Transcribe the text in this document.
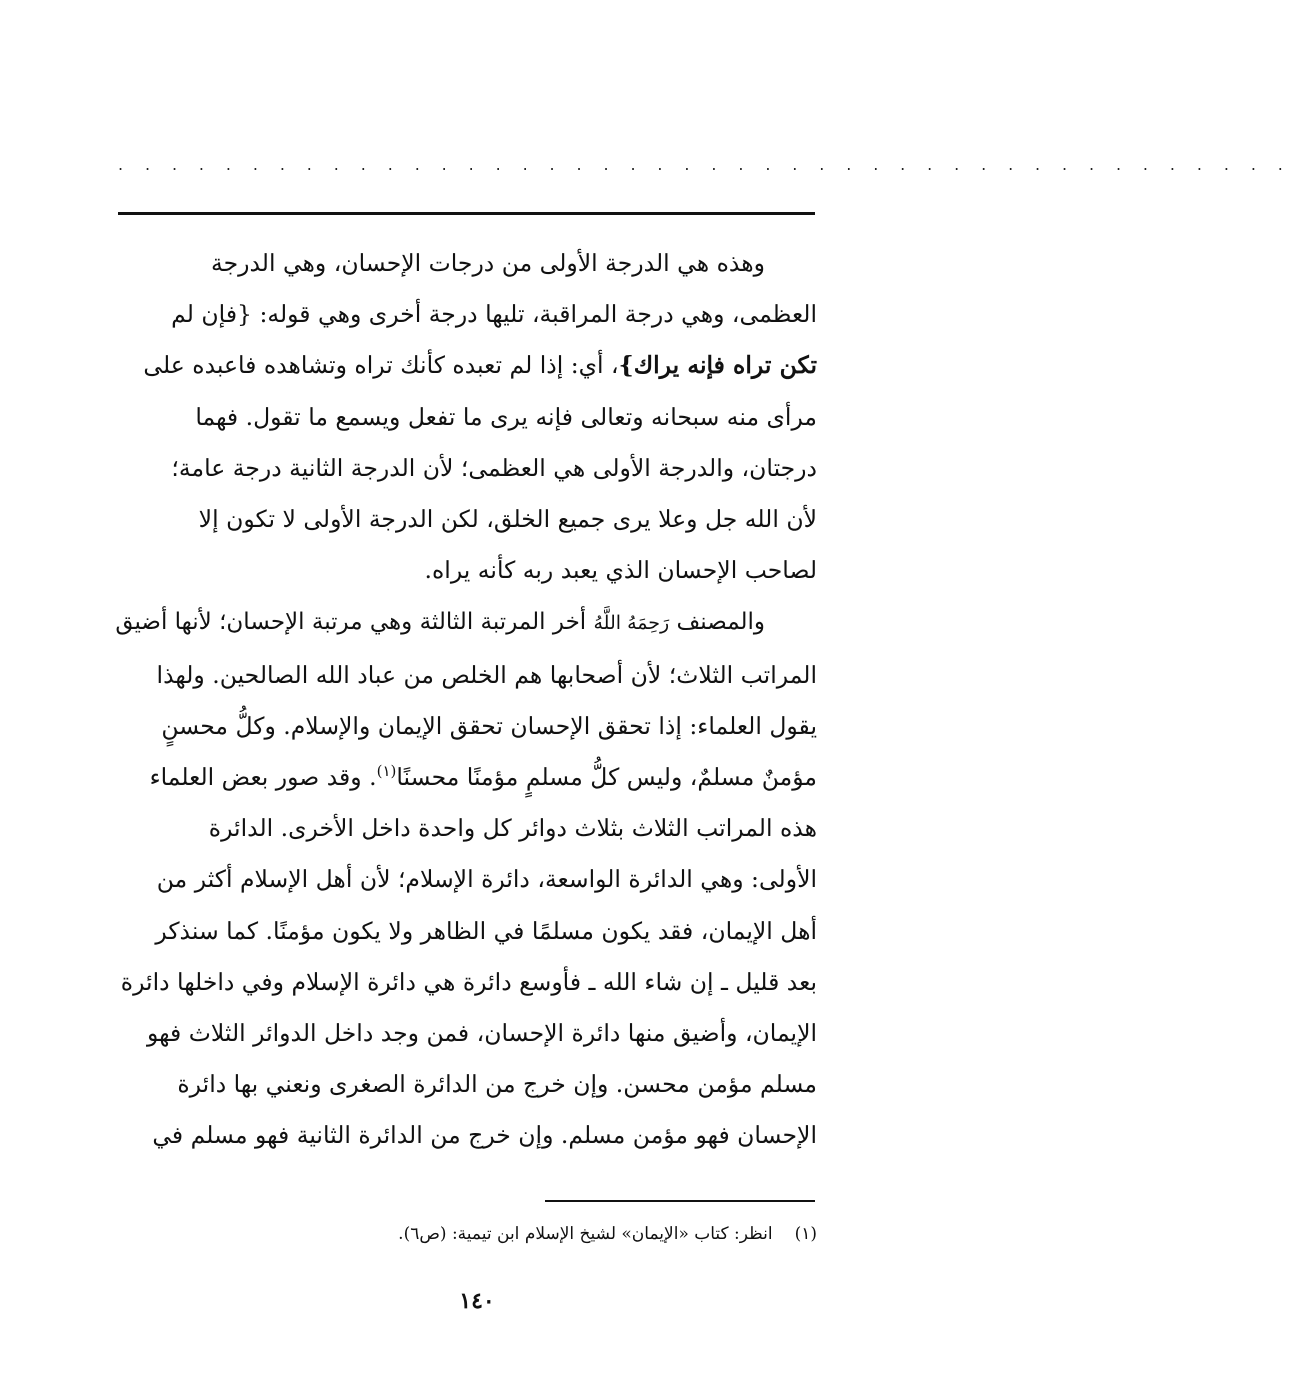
. . . . . . . . . . . . . . . . . . . . . . . . . . . . . . . . . . . . . . . . . . . .

وهذه هي الدرجة الأولى من درجات الإحسان، وهي الدرجة
العظمى، وهي درجة المراقبة، تليها درجة أخرى وهي قوله: {فإن لم
تكن تراه فإنه يراك}، أي: إذا لم تعبده كأنك تراه وتشاهده فاعبده على
مرأى منه سبحانه وتعالى فإنه يرى ما تفعل ويسمع ما تقول. فهما
درجتان، والدرجة الأولى هي العظمى؛ لأن الدرجة الثانية درجة عامة؛
لأن الله جل وعلا يرى جميع الخلق، لكن الدرجة الأولى لا تكون إلا
لصاحب الإحسان الذي يعبد ربه كأنه يراه.

والمصنف رَحِمَهُ اللَّهُ أخر المرتبة الثالثة وهي مرتبة الإحسان؛ لأنها أضيق
المراتب الثلاث؛ لأن أصحابها هم الخلص من عباد الله الصالحين. ولهذا
يقول العلماء: إذا تحقق الإحسان تحقق الإيمان والإسلام. وكلُّ محسنٍ
مؤمنٌ مسلمٌ، وليس كلُّ مسلمٍ مؤمنًا محسنًا$^{(١)}$. وقد صور بعض العلماء
هذه المراتب الثلاث بثلاث دوائر كل واحدة داخل الأخرى. الدائرة
الأولى: وهي الدائرة الواسعة، دائرة الإسلام؛ لأن أهل الإسلام أكثر من
أهل الإيمان، فقد يكون مسلمًا في الظاهر ولا يكون مؤمنًا. كما سنذكر
بعد قليل ـ إن شاء الله ـ فأوسع دائرة هي دائرة الإسلام وفي داخلها دائرة
الإيمان، وأضيق منها دائرة الإحسان، فمن وجد داخل الدوائر الثلاث فهو
مسلم مؤمن محسن. وإن خرج من الدائرة الصغرى ونعني بها دائرة
الإحسان فهو مؤمن مسلم. وإن خرج من الدائرة الثانية فهو مسلم في

(١)انظر: كتاب «الإيمان» لشيخ الإسلام ابن تيمية: (ص٦).
١٤٠
